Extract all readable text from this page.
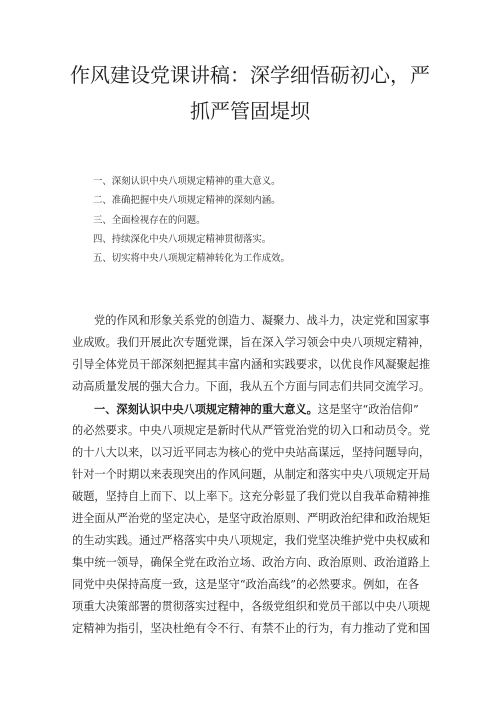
作风建设党课讲稿：深学细悟砺初心，严
抓严管固堤坝
一、深刻认识中央八项规定精神的重大意义。
二、准确把握中央八项规定精神的深刻内涵。
三、全面检视存在的问题。
四、持续深化中央八项规定精神贯彻落实。
五、切实将中央八项规定精神转化为工作成效。
党的作风和形象关系党的创造力、凝聚力、战斗力，决定党和国家事
业成败。我们开展此次专题党课，旨在深入学习领会中央八项规定精神，
引导全体党员干部深刻把握其丰富内涵和实践要求，以优良作风凝聚起推
动高质量发展的强大合力。下面，我从五个方面与同志们共同交流学习。
一、深刻认识中央八项规定精神的重大意义。这是坚守“政治信仰”
的必然要求。中央八项规定是新时代从严管党治党的切入口和动员令。党
的十八大以来，以习近平同志为核心的党中央站高谋远，坚持问题导向，
针对一个时期以来表现突出的作风问题，从制定和落实中央八项规定开局
破题，坚持自上而下、以上率下。这充分彰显了我们党以自我革命精神推
进全面从严治党的坚定决心，是坚守政治原则、严明政治纪律和政治规矩
的生动实践。通过严格落实中央八项规定，我们党坚决维护党中央权威和
集中统一领导，确保全党在政治立场、政治方向、政治原则、政治道路上
同党中央保持高度一致，这是坚守“政治高线”的必然要求。例如，在各
项重大决策部署的贯彻落实过程中，各级党组织和党员干部以中央八项规
定精神为指引，坚决杜绝有令不行、有禁不止的行为，有力推动了党和国
